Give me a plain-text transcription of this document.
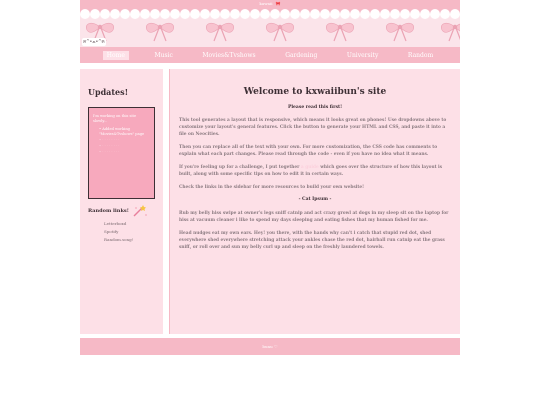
kawaii 🎀
ฅ^•ﻌ•^ฅ
Home	Music	Movies&Tvshows	Gardening	University	Random
Updates!

I'm working on this site slowly...

• Added working "Movies&Tvshows" page
• · · · · · · · ·
• · · · · · · · ·
• · · · · · · · ·
Random links!
Letterboxd
Spotify
Random.song!
Welcome to kxwaiibun's site
Please read this first!

This tool generates a layout that is responsive, which means it looks great on phones! Use dropdowns above to customize your layout's general features. Click the button to generate your HTML and CSS, and paste it into a file on Neocities.

Then you can replace all of the text with your own. For more customization, the CSS code has comments to explain what each part changes. Please read through the code - even if you have no idea what it means.

If you're feeling up for a challenge, I put together a guide which goes over the structure of how this layout is built, along with some specific tips on how to edit it in certain ways.

Check the links in the sidebar for more resources to build your own website!

- Cat Ipsum -

Rub my belly hiss swipe at owner's legs sniff catnip and act crazy growl at dogs in my sleep sit on the laptop for hiss at vacuum cleaner i like to spend my days sleeping and eating fishes that my human fished for me.

Head nudges eat my own ears. Hey! you there, with the hands why can't i catch that stupid red dot, shed everywhere shed everywhere stretching attack your ankles chase the red dot, hairball run catnip eat the grass sniff, or roll over and sun my belly curl up and sleep on the freshly laundered towels.

bunu ♡
